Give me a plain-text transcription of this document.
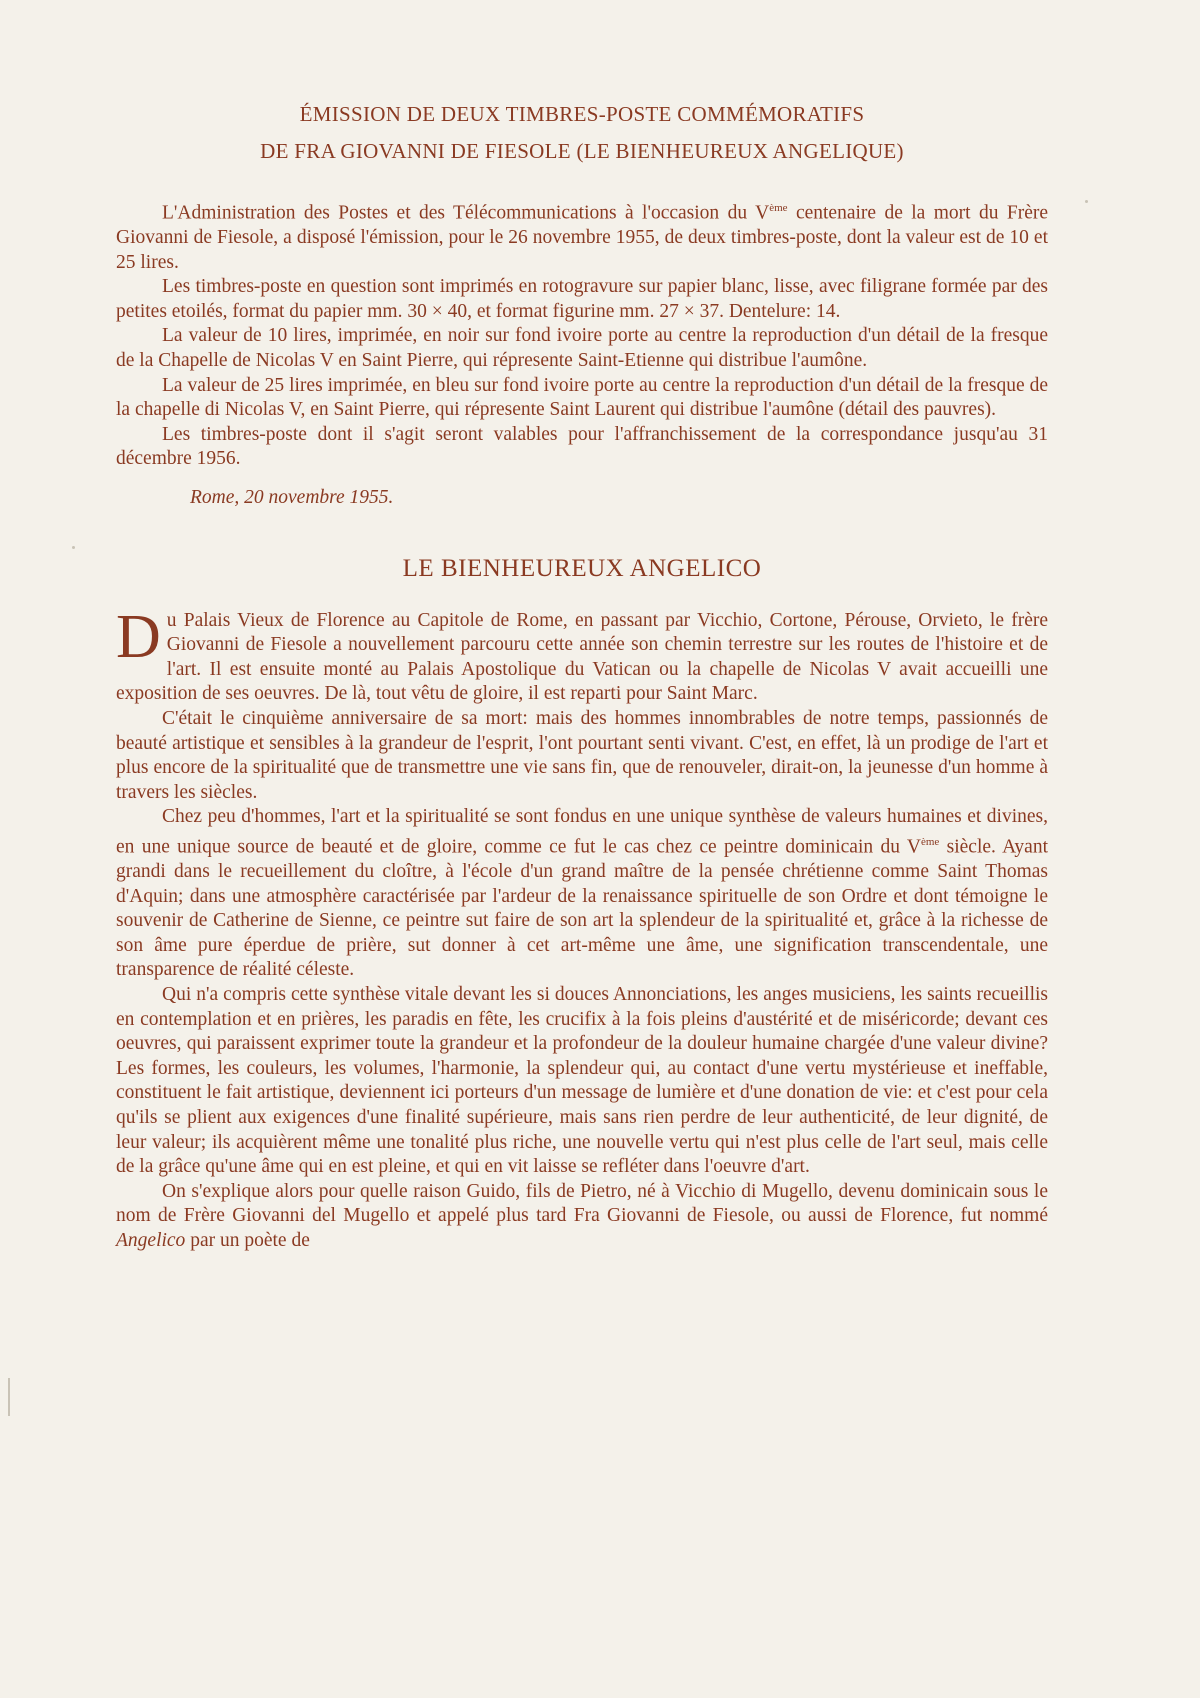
ÉMISSION DE DEUX TIMBRES-POSTE COMMÉMORATIFS
DE FRA GIOVANNI DE FIESOLE (LE BIENHEUREUX ANGELIQUE)

L'Administration des Postes et des Télécommunications à l'occasion du Vème centenaire de la mort du Frère Giovanni de Fiesole, a disposé l'émission, pour le 26 novembre 1955, de deux timbres-poste, dont la valeur est de 10 et 25 lires.

Les timbres-poste en question sont imprimés en rotogravure sur papier blanc, lisse, avec filigrane formée par des petites etoilés, format du papier mm. 30 × 40, et format figurine mm. 27 × 37. Dentelure: 14.

La valeur de 10 lires, imprimée, en noir sur fond ivoire porte au centre la reproduction d'un détail de la fresque de la Chapelle de Nicolas V en Saint Pierre, qui répresente Saint-Etienne qui distribue l'aumône.

La valeur de 25 lires imprimée, en bleu sur fond ivoire porte au centre la reproduction d'un détail de la fresque de la chapelle di Nicolas V, en Saint Pierre, qui répresente Saint Laurent qui distribue l'aumône (détail des pauvres).

Les timbres-poste dont il s'agit seront valables pour l'affranchissement de la correspondance jusqu'au 31 décembre 1956.

Rome, 20 novembre 1955.

LE BIENHEUREUX ANGELICO

Du Palais Vieux de Florence au Capitole de Rome, en passant par Vicchio, Cortone, Pérouse, Orvieto, le frère Giovanni de Fiesole a nouvellement parcouru cette année son chemin terrestre sur les routes de l'histoire et de l'art. Il est ensuite monté au Palais Apostolique du Vatican ou la chapelle de Nicolas V avait accueilli une exposition de ses oeuvres. De là, tout vêtu de gloire, il est reparti pour Saint Marc.

C'était le cinquième anniversaire de sa mort: mais des hommes innombrables de notre temps, passionnés de beauté artistique et sensibles à la grandeur de l'esprit, l'ont pourtant senti vivant. C'est, en effet, là un prodige de l'art et plus encore de la spiritualité que de transmettre une vie sans fin, que de renouveler, dirait-on, la jeunesse d'un homme à travers les siècles.

Chez peu d'hommes, l'art et la spiritualité se sont fondus en une unique synthèse de valeurs humaines et divines, en une unique source de beauté et de gloire, comme ce fut le cas chez ce peintre dominicain du Vème siècle. Ayant grandi dans le recueillement du cloître, à l'école d'un grand maître de la pensée chrétienne comme Saint Thomas d'Aquin; dans une atmosphère caractérisée par l'ardeur de la renaissance spirituelle de son Ordre et dont témoigne le souvenir de Catherine de Sienne, ce peintre sut faire de son art la splendeur de la spiritualité et, grâce à la richesse de son âme pure éperdue de prière, sut donner à cet art-même une âme, une signification transcendentale, une transparence de réalité céleste.

Qui n'a compris cette synthèse vitale devant les si douces Annonciations, les anges musiciens, les saints recueillis en contemplation et en prières, les paradis en fête, les crucifix à la fois pleins d'austérité et de miséricorde; devant ces oeuvres, qui paraissent exprimer toute la grandeur et la profondeur de la douleur humaine chargée d'une valeur divine? Les formes, les couleurs, les volumes, l'harmonie, la splendeur qui, au contact d'une vertu mystérieuse et ineffable, constituent le fait artistique, deviennent ici porteurs d'un message de lumière et d'une donation de vie: et c'est pour cela qu'ils se plient aux exigences d'une finalité supérieure, mais sans rien perdre de leur authenticité, de leur dignité, de leur valeur; ils acquièrent même une tonalité plus riche, une nouvelle vertu qui n'est plus celle de l'art seul, mais celle de la grâce qu'une âme qui en est pleine, et qui en vit laisse se refléter dans l'oeuvre d'art.

On s'explique alors pour quelle raison Guido, fils de Pietro, né à Vicchio di Mugello, devenu dominicain sous le nom de Frère Giovanni del Mugello et appelé plus tard Fra Giovanni de Fiesole, ou aussi de Florence, fut nommé Angelico par un poète de
